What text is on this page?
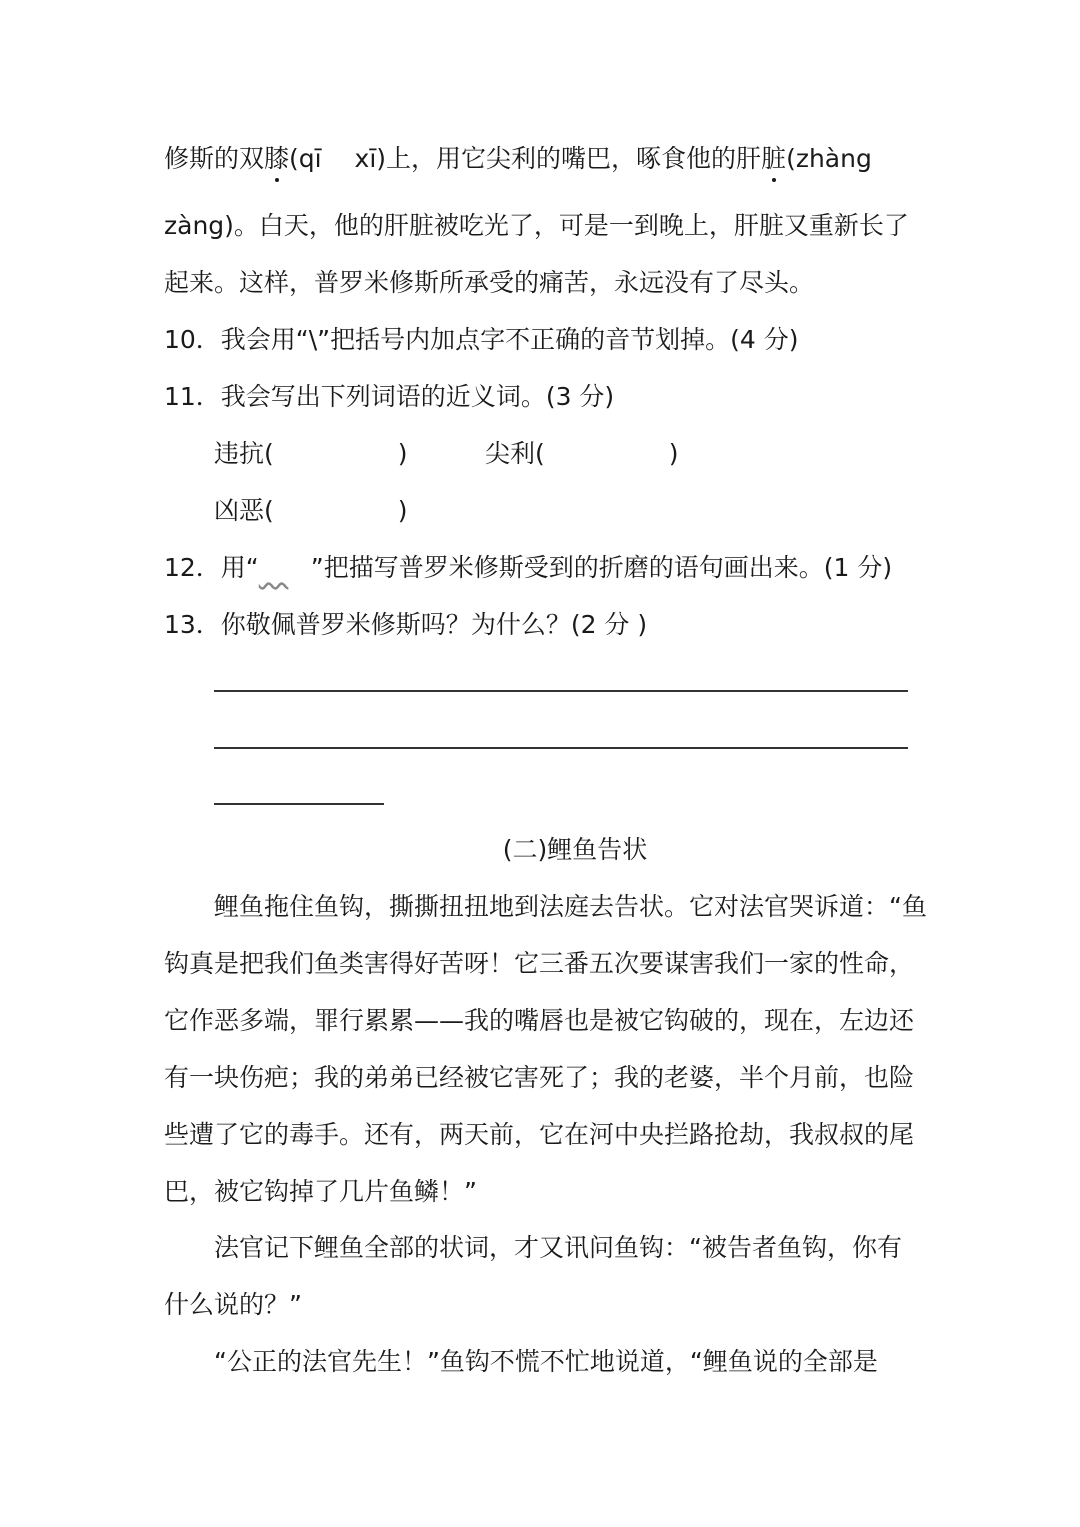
修斯的双膝(qī　 xī)上，用它尖利的嘴巴，啄食他的肝脏(zhàng
zàng)。白天，他的肝脏被吃光了，可是一到晚上，肝脏又重新长了
起来。这样，普罗米修斯所承受的痛苦，永远没有了尽头。
10．我会用“\”把括号内加点字不正确的音节划掉。(4 分)
11．我会写出下列词语的近义词。(3 分)
违抗(	)	尖利(	)
凶恶(	)
12．用“ ”把描写普罗米修斯受到的折磨的语句画出来。(1 分)
13．你敬佩普罗米修斯吗？为什么？(2 分 )
(二)鲤鱼告状
鲤鱼拖住鱼钩，撕撕扭扭地到法庭去告状。它对法官哭诉道：“鱼
钩真是把我们鱼类害得好苦呀！它三番五次要谋害我们一家的性命，
它作恶多端，罪行累累——我的嘴唇也是被它钩破的，现在，左边还
有一块伤疤；我的弟弟已经被它害死了；我的老婆，半个月前，也险
些遭了它的毒手。还有，两天前，它在河中央拦路抢劫，我叔叔的尾
巴，被它钩掉了几片鱼鳞！”
法官记下鲤鱼全部的状词，才又讯问鱼钩：“被告者鱼钩，你有
什么说的？”
“公正的法官先生！”鱼钩不慌不忙地说道，“鲤鱼说的全部是
